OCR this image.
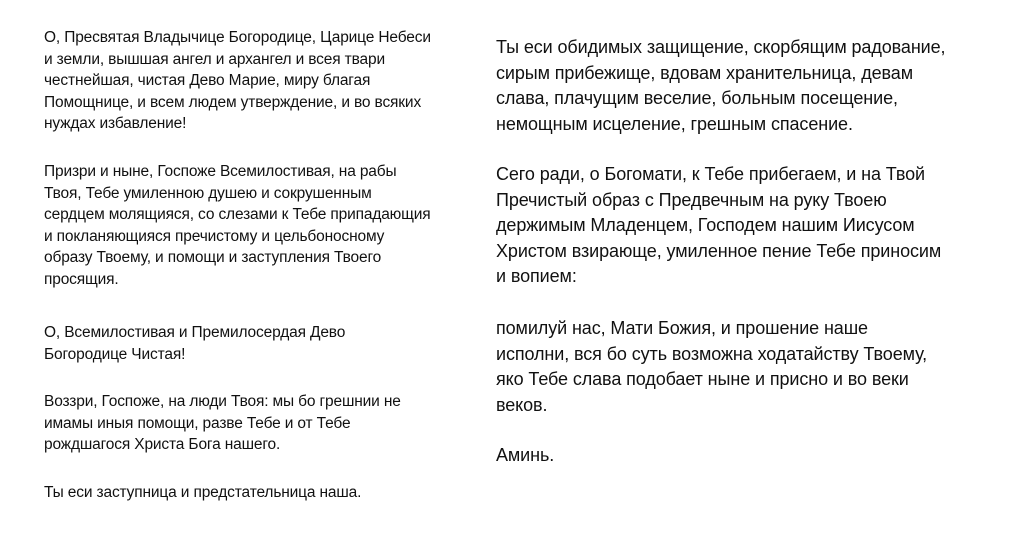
О, Пресвятая Владычице Богородице, Царице Небеси
и земли, вышшая ангел и архангел и всея твари
честнейшая, чистая Дево Марие, миру благая
Помощнице, и всем людем утверждение, и во всяких
нуждах избавление!

Призри и ныне, Госпоже Всемилостивая, на рабы
Твоя, Тебе умиленною душею и сокрушенным
сердцем молящияся, со слезами к Тебе припадающия
и покланяющияся пречистому и цельбоносному
образу Твоему, и помощи и заступления Твоего
просящия.

О, Всемилостивая и Премилосердая Дево
Богородице Чистая!

Воззри, Госпоже, на люди Твоя: мы бо грешнии не
имамы иныя помощи, разве Тебе и от Тебе
рождшагося Христа Бога нашего.

Ты еси заступница и предстательница наша.

Ты еси обидимых защищение, скорбящим радование,
сирым прибежище, вдовам хранительница, девам
слава, плачущим веселие, больным посещение,
немощным исцеление, грешным спасение.

Сего ради, о Богомати, к Тебе прибегаем, и на Твой
Пречистый образ с Предвечным на руку Твоею
держимым Младенцем, Господем нашим Иисусом
Христом взирающе, умиленное пение Тебе приносим
и вопием:

помилуй нас, Мати Божия, и прошение наше
исполни, вся бо суть возможна ходатайству Твоему,
яко Тебе слава подобает ныне и присно и во веки
веков.

Аминь.
